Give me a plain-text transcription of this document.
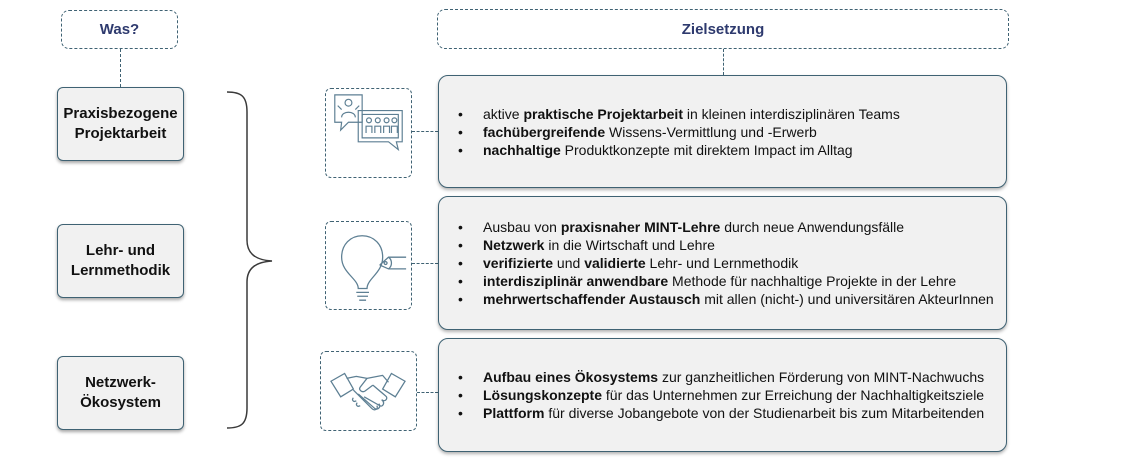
Was?	Zielsetzung
Praxisbezogene Projektarbeit
Lehr- und Lernmethodik
Netzwerk-Ökosystem
• aktive praktische Projektarbeit in kleinen interdisziplinären Teams
• fachübergreifende Wissens-Vermittlung und -Erwerb
• nachhaltige Produktkonzepte mit direktem Impact im Alltag
• Ausbau von praxisnaher MINT-Lehre durch neue Anwendungsfälle
• Netzwerk in die Wirtschaft und Lehre
• verifizierte und validierte Lehr- und Lernmethodik
• interdisziplinär anwendbare Methode für nachhaltige Projekte in der Lehre
• mehrwertschaffender Austausch mit allen (nicht-) und universitären AkteurInnen
• Aufbau eines Ökosystems zur ganzheitlichen Förderung von MINT-Nachwuchs
• Lösungskonzepte für das Unternehmen zur Erreichung der Nachhaltigkeitsziele
• Plattform für diverse Jobangebote von der Studienarbeit bis zum Mitarbeitenden
